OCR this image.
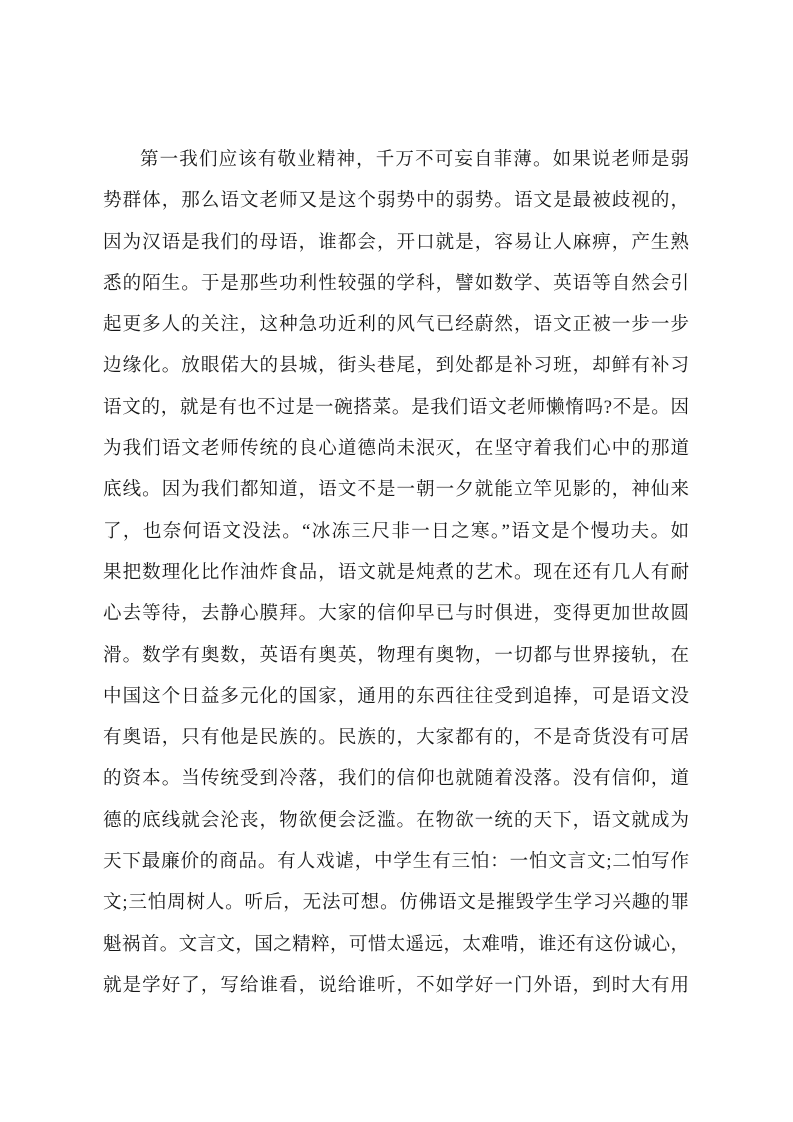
第一我们应该有敬业精神，千万不可妄自菲薄。如果说老师是弱
势群体，那么语文老师又是这个弱势中的弱势。语文是最被歧视的，
因为汉语是我们的母语，谁都会，开口就是，容易让人麻痹，产生熟
悉的陌生。于是那些功利性较强的学科，譬如数学、英语等自然会引
起更多人的关注，这种急功近利的风气已经蔚然，语文正被一步一步
边缘化。放眼偌大的县城，街头巷尾，到处都是补习班，却鲜有补习
语文的，就是有也不过是一碗搭菜。是我们语文老师懒惰吗?不是。因
为我们语文老师传统的良心道德尚未泯灭，在坚守着我们心中的那道
底线。因为我们都知道，语文不是一朝一夕就能立竿见影的，神仙来
了，也奈何语文没法。“冰冻三尺非一日之寒。”语文是个慢功夫。如
果把数理化比作油炸食品，语文就是炖煮的艺术。现在还有几人有耐
心去等待，去静心膜拜。大家的信仰早已与时俱进，变得更加世故圆
滑。数学有奥数，英语有奥英，物理有奥物，一切都与世界接轨，在
中国这个日益多元化的国家，通用的东西往往受到追捧，可是语文没
有奥语，只有他是民族的。民族的，大家都有的，不是奇货没有可居
的资本。当传统受到冷落，我们的信仰也就随着没落。没有信仰，道
德的底线就会沦丧，物欲便会泛滥。在物欲一统的天下，语文就成为
天下最廉价的商品。有人戏谑，中学生有三怕：一怕文言文;二怕写作
文;三怕周树人。听后，无法可想。仿佛语文是摧毁学生学习兴趣的罪
魁祸首。文言文，国之精粹，可惜太遥远，太难啃，谁还有这份诚心，
就是学好了，写给谁看，说给谁听，不如学好一门外语，到时大有用
